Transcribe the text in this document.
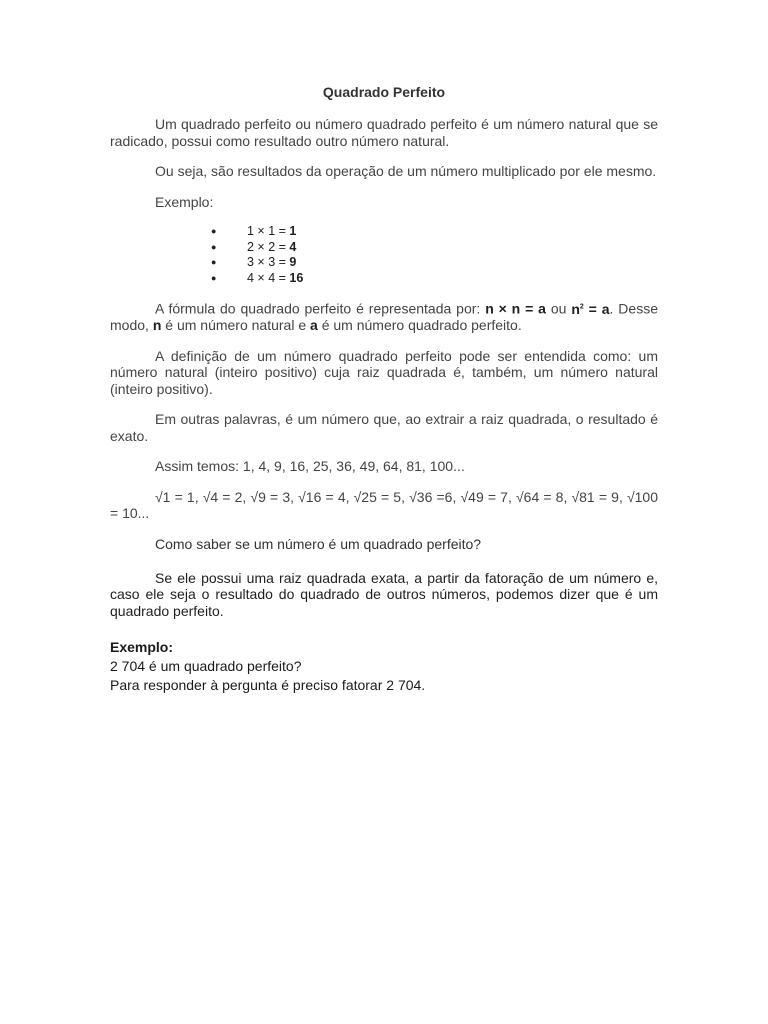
Quadrado Perfeito

Um quadrado perfeito ou número quadrado perfeito é um número natural que se radicado, possui como resultado outro número natural.

Ou seja, são resultados da operação de um número multiplicado por ele mesmo.

Exemplo:

● 1 × 1 = 1
● 2 × 2 = 4
● 3 × 3 = 9
● 4 × 4 = 16

A fórmula do quadrado perfeito é representada por: n × n = a ou $n^2 = a$. Desse modo, n é um número natural e a é um número quadrado perfeito.

A definição de um número quadrado perfeito pode ser entendida como: um número natural (inteiro positivo) cuja raiz quadrada é, também, um número natural (inteiro positivo).

Em outras palavras, é um número que, ao extrair a raiz quadrada, o resultado é exato.

Assim temos: 1, 4, 9, 16, 25, 36, 49, 64, 81, 100...

√1 = 1, √4 = 2, √9 = 3, √16 = 4, √25 = 5, √36 =6, √49 = 7, √64 = 8, √81 = 9, √100 = 10...

Como saber se um número é um quadrado perfeito?

Se ele possui uma raiz quadrada exata, a partir da fatoração de um número e, caso ele seja o resultado do quadrado de outros números, podemos dizer que é um quadrado perfeito.

Exemplo:
2 704 é um quadrado perfeito?
Para responder à pergunta é preciso fatorar 2 704.
